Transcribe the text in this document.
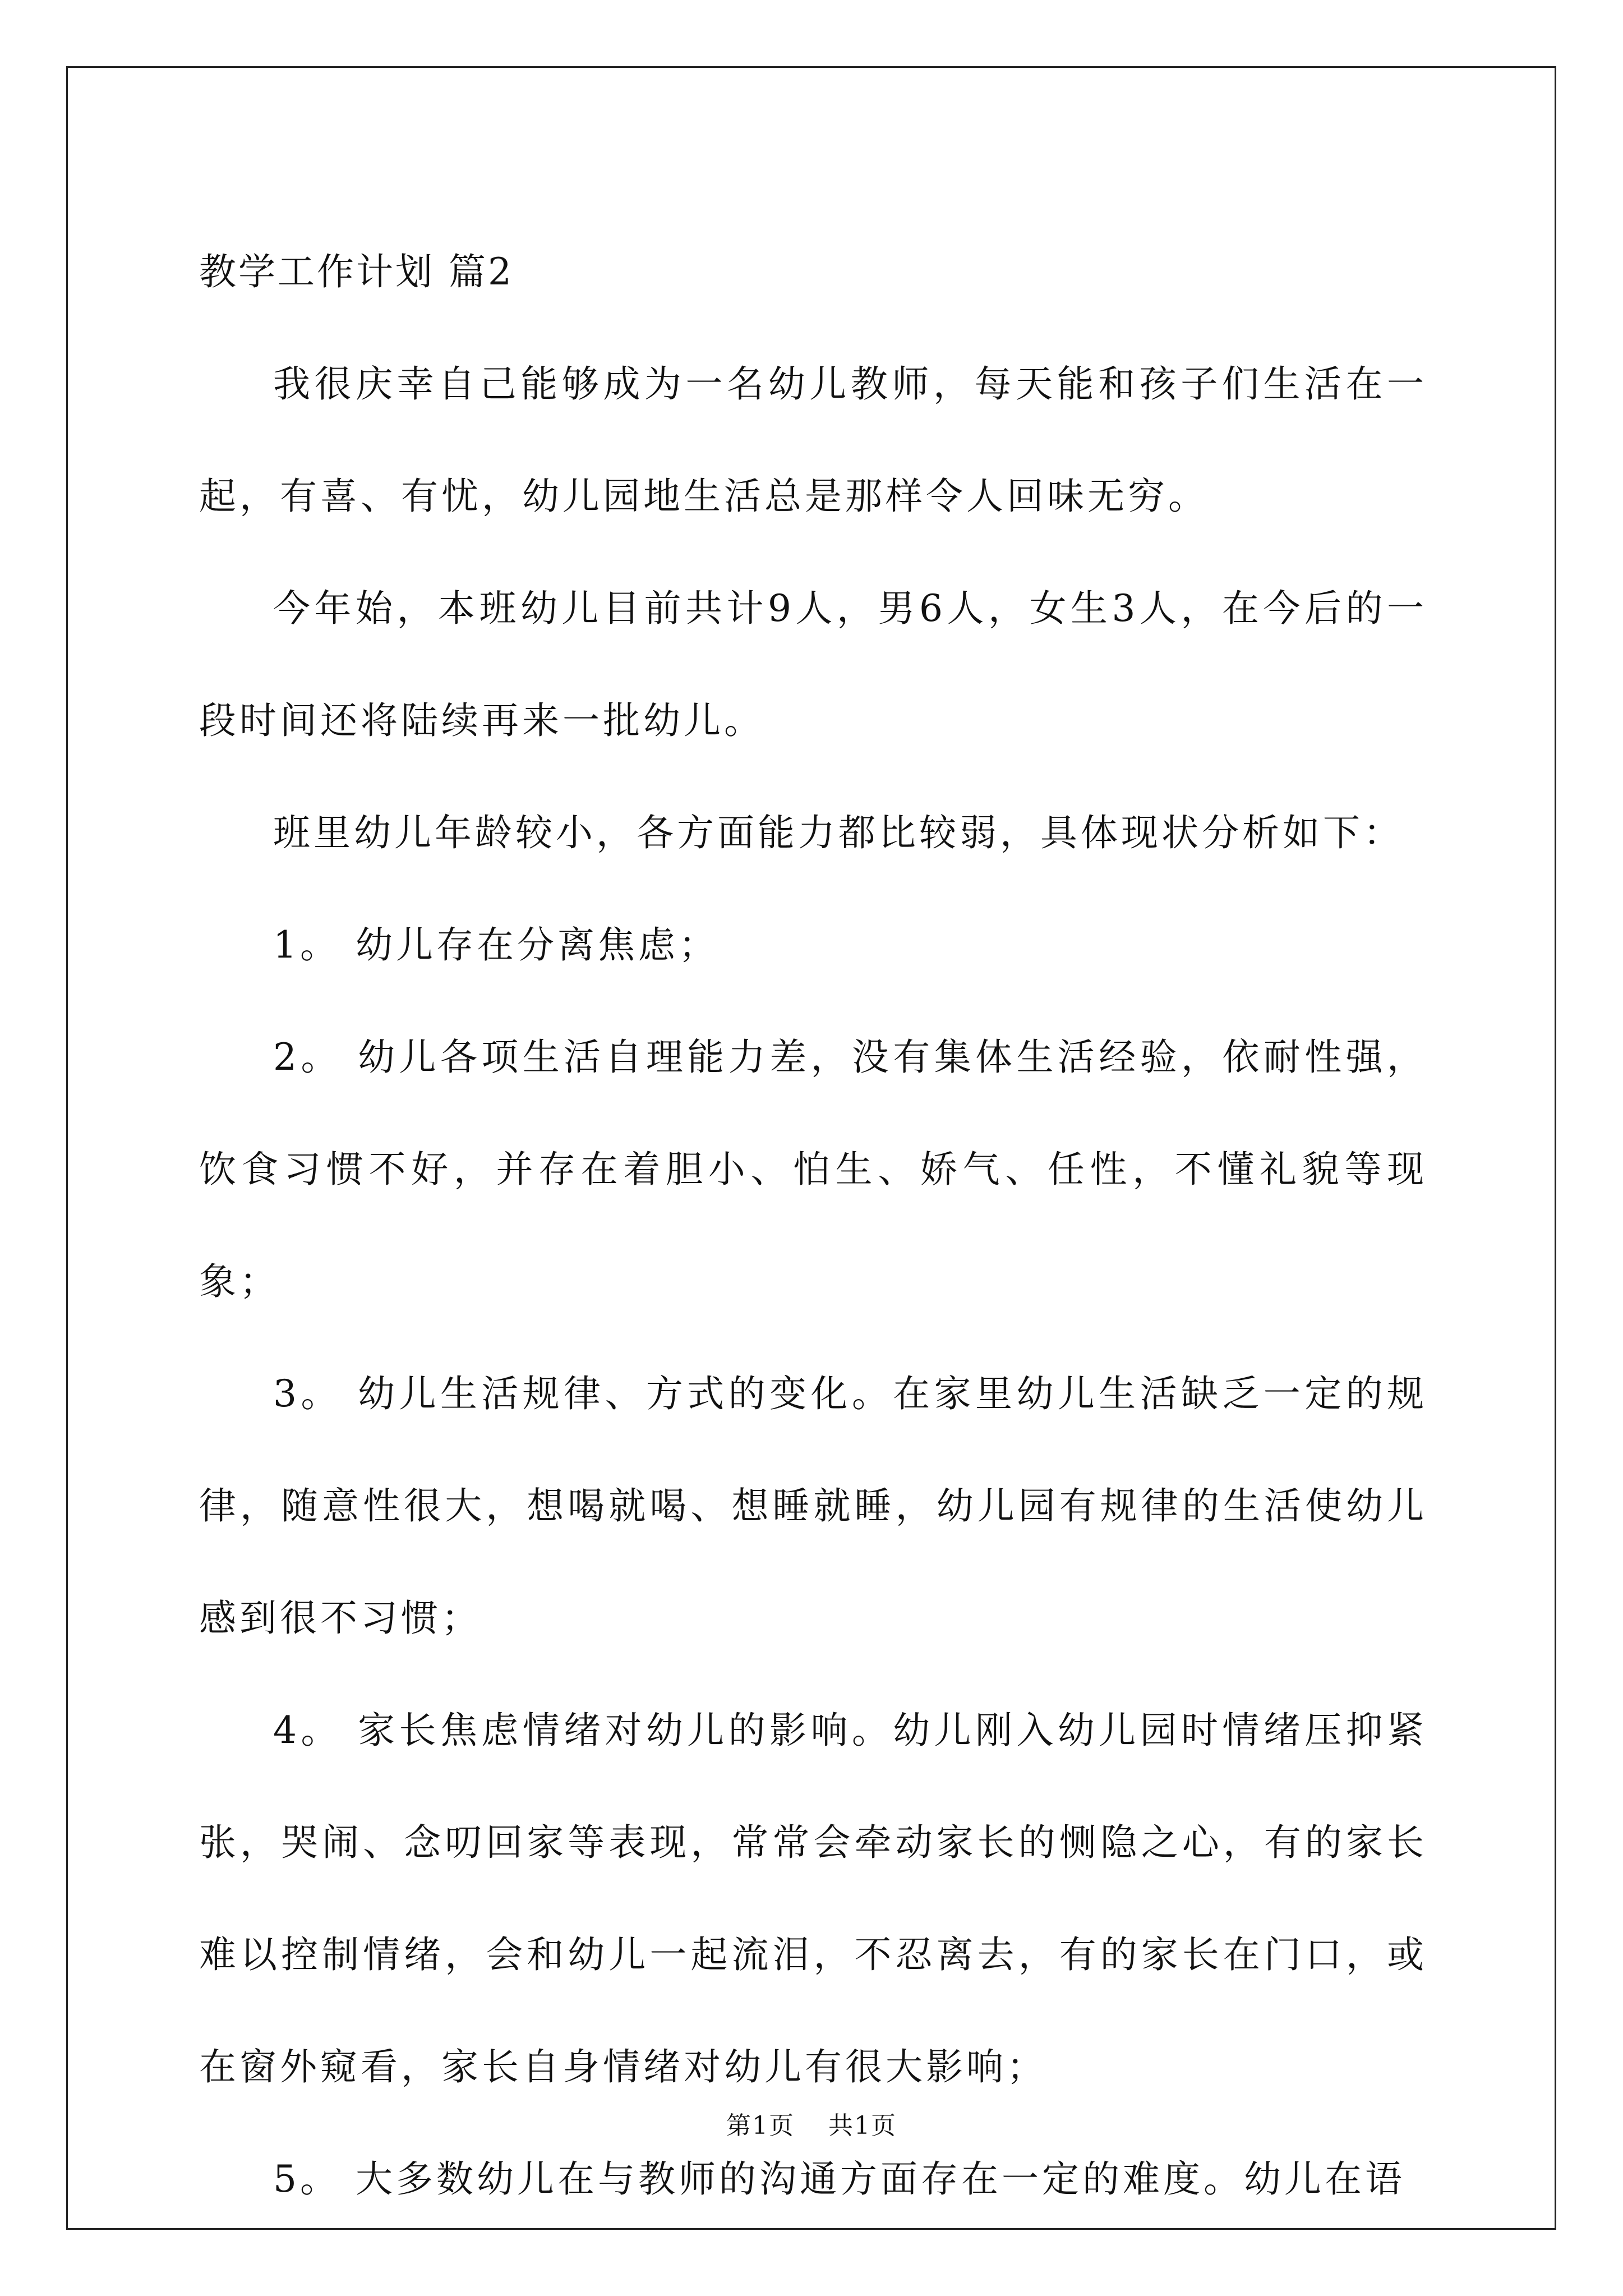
教学工作计划 篇2

我很庆幸自己能够成为一名幼儿教师，每天能和孩子们生活在一起，有喜、有忧，幼儿园地生活总是那样令人回味无穷。

今年始，本班幼儿目前共计9人，男6人，女生3人，在今后的一段时间还将陆续再来一批幼儿。

班里幼儿年龄较小，各方面能力都比较弱，具体现状分析如下：

1。 幼儿存在分离焦虑；

2。 幼儿各项生活自理能力差，没有集体生活经验，依耐性强，饮食习惯不好，并存在着胆小、怕生、娇气、任性，不懂礼貌等现象；

3。 幼儿生活规律、方式的变化。在家里幼儿生活缺乏一定的规律，随意性很大，想喝就喝、想睡就睡，幼儿园有规律的生活使幼儿感到很不习惯；

4。 家长焦虑情绪对幼儿的影响。幼儿刚入幼儿园时情绪压抑紧张，哭闹、念叨回家等表现，常常会牵动家长的恻隐之心，有的家长难以控制情绪，会和幼儿一起流泪，不忍离去，有的家长在门口，或在窗外窥看，家长自身情绪对幼儿有很大影响；

5。 大多数幼儿在与教师的沟通方面存在一定的难度。幼儿在语

第1页 共1页
